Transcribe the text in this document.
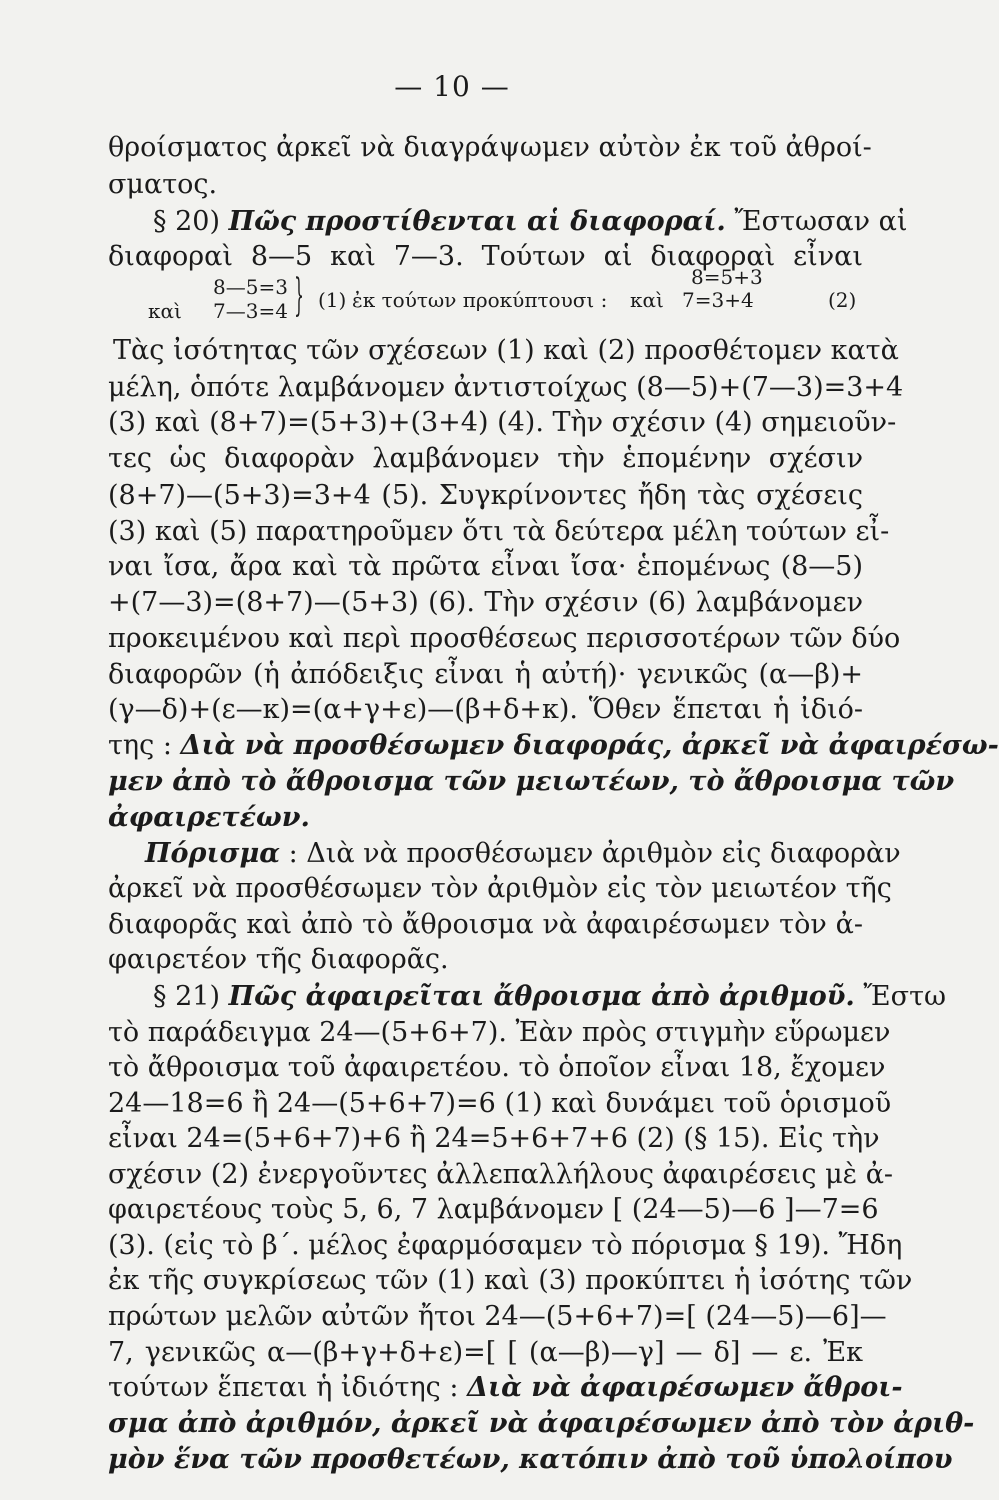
— 10 —
θροίσματος ἀρκεῖ νὰ διαγράψωμεν αὐτὸν ἐκ τοῦ ἀθροί-
σματος.
§ 20) Πῶς προστίθενται αἱ διαφοραί. Ἔστωσαν αἱ
διαφοραὶ 8—5 καὶ 7—3. Τούτων αἱ διαφοραὶ εἶναι
Τὰς ἰσότητας τῶν σχέσεων (1) καὶ (2) προσθέτομεν κατὰ
μέλη, ὁπότε λαμβάνομεν ἀντιστοίχως (8—5)+(7—3)=3+4
(3) καὶ (8+7)=(5+3)+(3+4) (4). Τὴν σχέσιν (4) σημειοῦν-
τες ὡς διαφορὰν λαμβάνομεν τὴν ἑπομένην σχέσιν
(8+7)—(5+3)=3+4 (5). Συγκρίνοντες ἤδη τὰς σχέσεις
(3) καὶ (5) παρατηροῦμεν ὅτι τὰ δεύτερα μέλη τούτων εἶ-
ναι ἴσα, ἄρα καὶ τὰ πρῶτα εἶναι ἴσα· ἑπομένως (8—5)
+(7—3)=(8+7)—(5+3) (6). Τὴν σχέσιν (6) λαμβάνομεν
προκειμένου καὶ περὶ προσθέσεως περισσοτέρων τῶν δύο
διαφορῶν (ἡ ἀπόδειξις εἶναι ἡ αὐτή)· γενικῶς (α—β)+
(γ—δ)+(ε—κ)=(α+γ+ε)—(β+δ+κ). Ὅθεν ἕπεται ἡ ἰδιό-
της : Διὰ νὰ προσθέσωμεν διαφοράς, ἀρκεῖ νὰ ἀφαιρέσω-
μεν ἀπὸ τὸ ἄθροισμα τῶν μειωτέων, τὸ ἄθροισμα τῶν
ἀφαιρετέων.
Πόρισμα : Διὰ νὰ προσθέσωμεν ἀριθμὸν εἰς διαφορὰν
ἀρκεῖ νὰ προσθέσωμεν τὸν ἀριθμὸν εἰς τὸν μειωτέον τῆς
διαφορᾶς καὶ ἀπὸ τὸ ἄθροισμα νὰ ἀφαιρέσωμεν τὸν ἀ-
φαιρετέον τῆς διαφορᾶς.
§ 21) Πῶς ἀφαιρεῖται ἄθροισμα ἀπὸ ἀριθμοῦ. Ἔστω
τὸ παράδειγμα 24—(5+6+7). Ἐὰν πρὸς στιγμὴν εὕρωμεν
τὸ ἄθροισμα τοῦ ἀφαιρετέου. τὸ ὁποῖον εἶναι 18, ἔχομεν
24—18=6 ἢ 24—(5+6+7)=6 (1) καὶ δυνάμει τοῦ ὁρισμοῦ
εἶναι 24=(5+6+7)+6 ἢ 24=5+6+7+6 (2) (§ 15). Εἰς τὴν
σχέσιν (2) ἐνεργοῦντες ἀλλεπαλλήλους ἀφαιρέσεις μὲ ἀ-
φαιρετέους τοὺς 5, 6, 7 λαμβάνομεν [ (24—5)—6 ]—7=6
(3). (εἰς τὸ β΄. μέλος ἐφαρμόσαμεν τὸ πόρισμα § 19). Ἤδη
ἐκ τῆς συγκρίσεως τῶν (1) καὶ (3) προκύπτει ἡ ἰσότης τῶν
πρώτων μελῶν αὐτῶν ἤτοι 24—(5+6+7)=[ (24—5)—6]—
7, γενικῶς α—(β+γ+δ+ε)=[ [ (α—β)—γ] — δ] — ε. Ἐκ
τούτων ἕπεται ἡ ἰδιότης : Διὰ νὰ ἀφαιρέσωμεν ἄθροι-
σμα ἀπὸ ἀριθμόν, ἀρκεῖ νὰ ἀφαιρέσωμεν ἀπὸ τὸν ἀριθ-
μὸν ἕνα τῶν προσθετέων, κατόπιν ἀπὸ τοῦ ὑπολοίπου
8—5=3
καὶ 7—3=4 } (1) ἐκ τούτων προκύπτουσι :
8=5+3
καὶ 7=3+4	(2)
